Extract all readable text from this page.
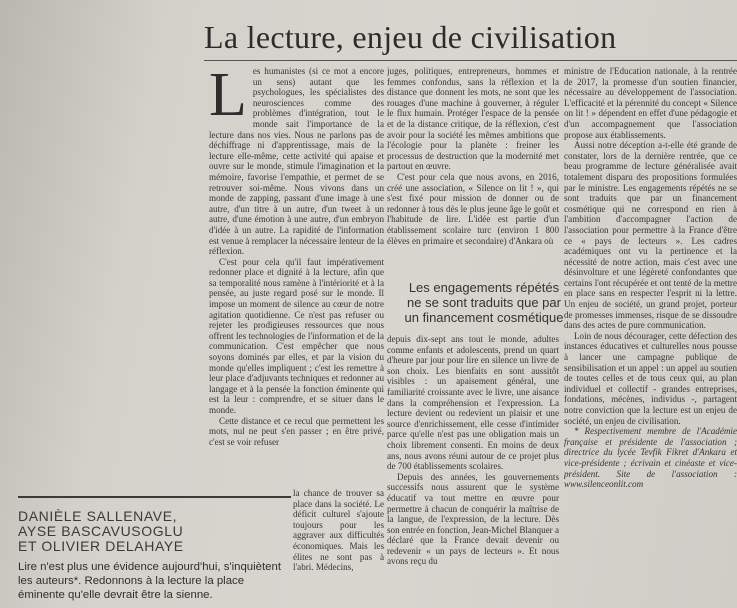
La lecture, enjeu de civilisation

Les humanistes (si ce mot a encore un sens) autant que les psychologues, les spécialistes des neurosciences comme des problèmes d'intégration, tout le monde sait l'importance de la lecture dans nos vies. Nous ne parlons pas de déchiffrage ni d'apprentissage, mais de la lecture elle-même, cette activité qui apaise et ouvre sur le monde, stimule l'imagination et la mémoire, favorise l'empathie, et permet de se retrouver soi-même. Nous vivons dans un monde de zapping, passant d'une image à une autre, d'un titre à un autre, d'un tweet à un autre, d'une émotion à une autre, d'un embryon d'idée à un autre. La rapidité de l'information est venue à remplacer la nécessaire lenteur de la réflexion.

C'est pour cela qu'il faut impérativement redonner place et dignité à la lecture, afin que sa temporalité nous ramène à l'intériorité et à la pensée, au juste regard posé sur le monde. Il impose un moment de silence au cœur de notre agitation quotidienne. Ce n'est pas refuser ou rejeter les prodigieuses ressources que nous offrent les technologies de l'information et de la communication. C'est empêcher que nous soyons dominés par elles, et par la vision du monde qu'elles impliquent ; c'est les remettre à leur place d'adjuvants techniques et redonner au langage et à la pensée la fonction éminente qui est la leur : comprendre, et se situer dans le monde.

Cette distance et ce recul que permettent les mots, nul ne peut s'en passer ; en être privé, c'est se voir refuser

la chance de trouver sa place dans la société. Le déficit culturel s'ajoute toujours pour les aggraver aux difficultés économiques. Mais les élites ne sont pas à l'abri. Médecins,

juges, politiques, entrepreneurs, hommes et femmes confondus, sans la réflexion et la distance que donnent les mots, ne sont que les rouages d'une machine à gouverner, à réguler le flux humain. Protéger l'espace de la pensée et de la distance critique, de la réflexion, c'est avoir pour la société les mêmes ambitions que l'écologie pour la planète : freiner les processus de destruction que la modernité met partout en œuvre.

C'est pour cela que nous avons, en 2016, créé une association, « Silence on lit ! », qui s'est fixé pour mission de donner ou de redonner à tous dès le plus jeune âge le goût et l'habitude de lire. L'idée est partie d'un établissement scolaire turc (environ 1 800 élèves en primaire et secondaire) d'Ankara où

Les engagements répétés ne se sont traduits que par un financement cosmétique

depuis dix-sept ans tout le monde, adultes comme enfants et adolescents, prend un quart d'heure par jour pour lire en silence un livre de son choix. Les bienfaits en sont aussitôt visibles : un apaisement général, une familiarité croissante avec le livre, une aisance dans la compréhension et l'expression. La lecture devient ou redevient un plaisir et une source d'enrichissement, elle cesse d'intimider parce qu'elle n'est pas une obligation mais un choix librement consenti. En moins de deux ans, nous avons réuni autour de ce projet plus de 700 établissements scolaires.

Depuis des années, les gouvernements successifs nous assurent que le système éducatif va tout mettre en œuvre pour permettre à chacun de conquérir la maîtrise de la langue, de l'expression, de la lecture. Dès son entrée en fonction, Jean-Michel Blanquer a déclaré que la France devait devenir ou redevenir « un pays de lecteurs ». Et nous avons reçu du

ministre de l'Education nationale, à la rentrée de 2017, la promesse d'un soutien financier, nécessaire au développement de l'association. L'efficacité et la pérennité du concept « Silence on lit ! » dépendent en effet d'une pédagogie et d'un accompagnement que l'association propose aux établissements.

Aussi notre déception a-t-elle été grande de constater, lors de la dernière rentrée, que ce beau programme de lecture généralisée avait totalement disparu des propositions formulées par le ministre. Les engagements répétés ne se sont traduits que par un financement cosmétique qui ne correspond en rien à l'ambition d'accompagner l'action de l'association pour permettre à la France d'être ce « pays de lecteurs ». Les cadres académiques ont vu la pertinence et la nécessité de notre action, mais c'est avec une désinvolture et une légèreté confondantes que certains l'ont récupérée et ont tenté de la mettre en place sans en respecter l'esprit ni la lettre. Un enjeu de société, un grand projet, porteur de promesses immenses, risque de se dissoudre dans des actes de pure communication.

Loin de nous décourager, cette défection des instances éducatives et culturelles nous pousse à lancer une campagne publique de sensibilisation et un appel : un appel au soutien de toutes celles et de tous ceux qui, au plan individuel et collectif - grandes entreprises, fondations, mécènes, individus -, partagent notre conviction que la lecture est un enjeu de société, un enjeu de civilisation.

* Respectivement membre de l'Académie française et présidente de l'association ; directrice du lycée Tevfik Fikret d'Ankara et vice-présidente ; écrivain et cinéaste et vice-président. Site de l'association : www.silenceonlit.com

DANIÈLE SALLENAVE,
AYSE BASCAVUSOGLU
ET OLIVIER DELAHAYE
Lire n'est plus une évidence aujourd'hui, s'inquiètent les auteurs*. Redonnons à la lecture la place éminente qu'elle devrait être la sienne.
